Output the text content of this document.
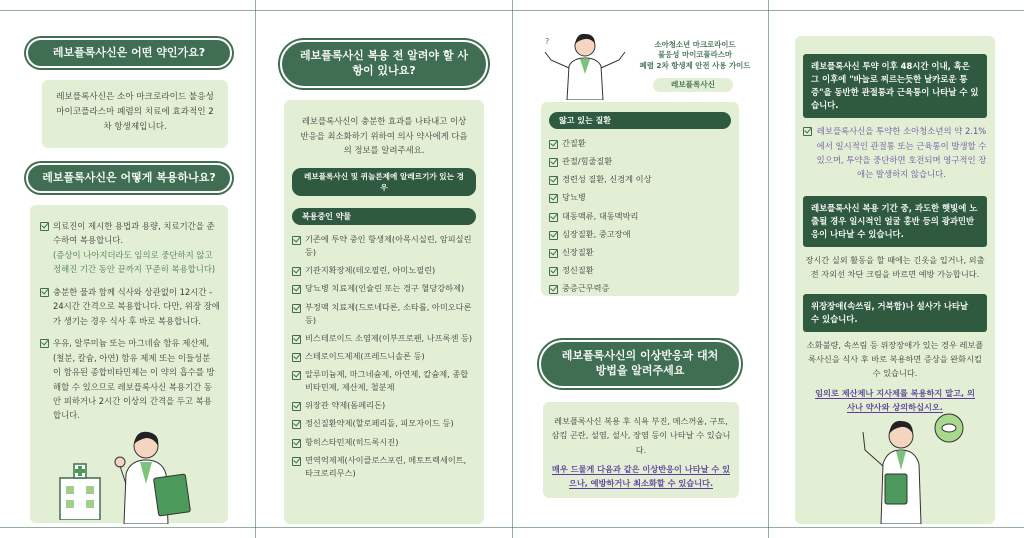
레보플록사신은 어떤 약인가요?
레보플록사신은 소아 마크로라이드 불응성 마이코플라스마 폐렴의 치료에 효과적인 2차 항생제입니다.
레보플록사신은 어떻게 복용하나요?
의료진이 제시한 용법과 용량, 치료기간을 준수하여 복용합니다.
(증상이 나아지더라도 임의로 중단하지 않고 정해진 기간 동안 끝까지 꾸준히 복용합니다)
충분한 물과 함께 식사와 상관없이 12시간 - 24시간 간격으로 복용합니다. 다만, 위장 장애가 생기는 경우 식사 후 바로 복용합니다.
우유, 알루미늄 또는 마그네슘 함유 제산제, (철분, 칼슘, 아연) 함유 제제 또는 이들성분이 함유된 종합비타민제는 이 약의 흡수를 방해할 수 있으므로 레보플록사신 복용기간 동안 피하거나 2시간 이상의 간격을 두고 복용합니다.
레보플록사신 복용 전 알려야 할 사항이 있나요?
레보플록사신이 충분한 효과를 나타내고 이상반응을 최소화하기 위하여 의사 약사에게 다음의 정보를 알려주세요.
레보플록사신 및 퀴놀론제에 알레르기가 있는 경우
복용중인 약물
기존에 투약 중인 항생제(아목시실린, 암피실린 등)
기관지확장제(테오필린, 아미노필린)
당뇨병 치료제(인슐린 또는 경구 혈당강하제)
부정맥 치료제(드로네다론, 소타롤, 아미오다론 등)
비스테로이드 소염제(이부프로펜, 나프록센 등)
스테로이드제제(프레드니솔론 등)
알루미늄제, 마그네슘제, 아연제, 칼슘제, 종합비타민제, 제산제, 철분제
위장관 약제(돔페리돈)
정신질환약제(할로페리돌, 피모자이드 등)
항히스타민제(히드록시진)
면역억제제(사이클로스포린, 메토트렉세이트, 타크로리무스)
?	소아청소년 마크로라이드
불응성 마이코플라스마
폐렴 2차 항생제 안전 사용 가이드
레보플록사신
앓고 있는 질환
간질환
관절/힘줄질환
경련성 질환, 신경계 이상
당뇨병
대동맥류, 대동맥박리
심장질환, 중고장애
신장질환
정신질환
중증근무력증
레보플록사신의 이상반응과 대처 방법을 알려주세요
레보플록사신 복용 후 식욕 부진, 메스꺼움, 구토, 삼킴 곤란, 설염, 설사, 장염 등이 나타날 수 있습니다.
매우 드물게 다음과 같은 이상반응이 나타날 수 있으나, 예방하거나 최소화할 수 있습니다.
레보플록사신 투약 이후 48시간 이내, 혹은 그 이후에 "바늘로 찌르는듯한 날카로운 통증"을 동반한 관절통과 근육통이 나타날 수 있습니다.
레보플록사신을 투약한 소아청소년의 약 2.1%에서 일시적인 관절통 또는 근육통이 발생할 수 있으며, 투약을 중단하면 호전되며 영구적인 장애는 발생하지 않습니다.
레보플록사신 복용 기간 중, 과도한 햇빛에 노출될 경우 일시적인 얼굴 홍반 등의 광과민반응이 나타날 수 있습니다.
장시간 실외 활동을 할 때에는 긴옷을 입거나, 외출 전 자외선 차단 크림을 바르면 예방 가능합니다.
위장장애(속쓰림, 거북함)나 설사가 나타날 수 있습니다.
소화불량, 속쓰림 등 위장장애가 있는 경우 레보플록사신을 식사 후 바로 복용하면 증상을 완화시킬 수 있습니다.
임의로 제산제나 지사제를 복용하지 말고, 의사나 약사와 상의하십시오.
